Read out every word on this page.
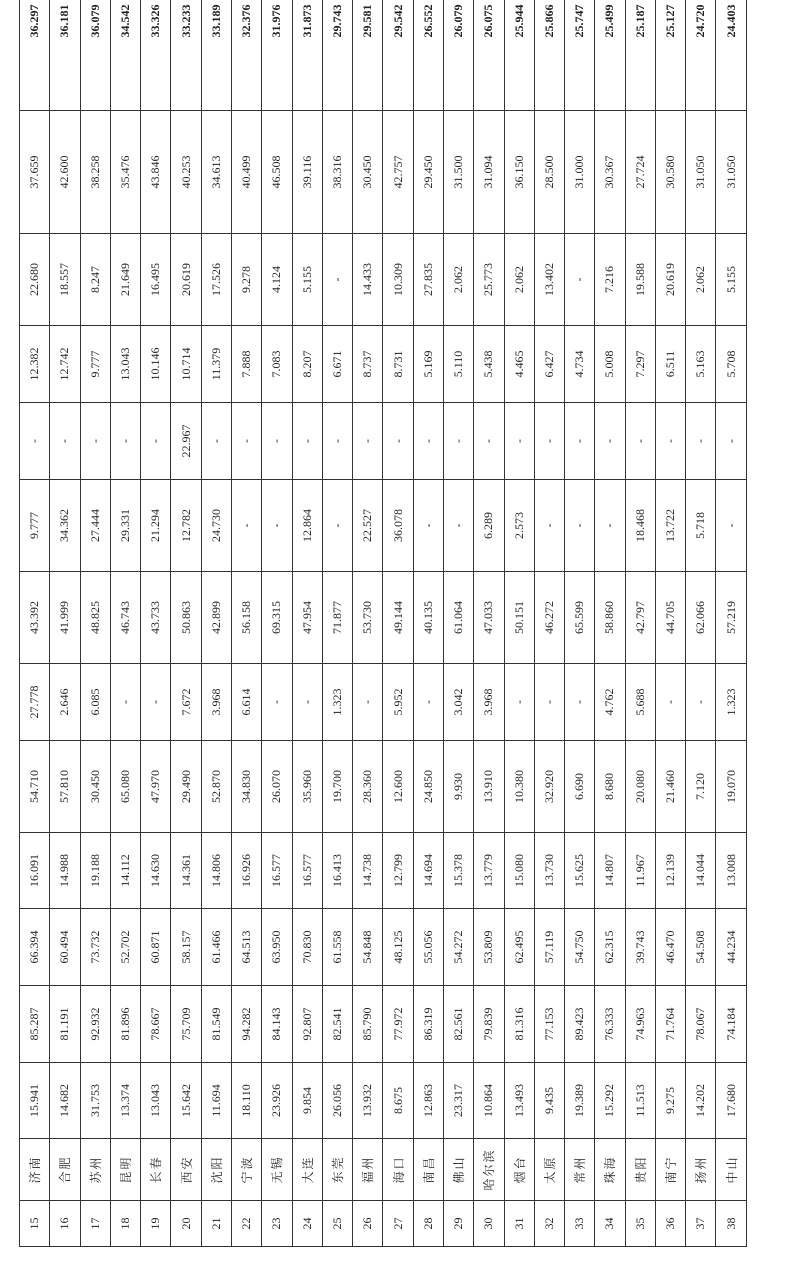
15	济南	15.941	85.287	66.394	16.091	54.710	27.778	43.392	9.777	-	12.382	22.680	37.659	36.297
16	合肥	14.682	81.191	60.494	14.988	57.810	2.646	41.999	34.362	-	12.742	18.557	42.600	36.181
17	苏州	31.753	92.932	73.732	19.188	30.450	6.085	48.825	27.444	-	9.777	8.247	38.258	36.079
18	昆明	13.374	81.896	52.702	14.112	65.080	-	46.743	29.331	-	13.043	21.649	35.476	34.542
19	长春	13.043	78.667	60.871	14.630	47.970	-	43.733	21.294	-	10.146	16.495	43.846	33.326
20	西安	15.642	75.709	58.157	14.361	29.490	7.672	50.863	12.782	22.967	10.714	20.619	40.253	33.233
21	沈阳	11.694	81.549	61.466	14.806	52.870	3.968	42.899	24.730	-	11.379	17.526	34.613	33.189
22	宁波	18.110	94.282	64.513	16.926	34.830	6.614	56.158	-	-	7.888	9.278	40.499	32.376
23	无锡	23.926	84.143	63.950	16.577	26.070	-	69.315	-	-	7.083	4.124	46.508	31.976
24	大连	9.854	92.807	70.830	16.577	35.960	-	47.954	12.864	-	8.207	5.155	39.116	31.873
25	东莞	26.056	82.541	61.558	16.413	19.700	1.323	71.877	-	-	6.671	-	38.316	29.743
26	福州	13.932	85.790	54.848	14.738	28.360	-	53.730	22.527	-	8.737	14.433	30.450	29.581
27	海口	8.675	77.972	48.125	12.799	12.600	5.952	49.144	36.078	-	8.731	10.309	42.757	29.542
28	南昌	12.863	86.319	55.056	14.694	24.850	-	40.135	-	-	5.169	27.835	29.450	26.552
29	佛山	23.317	82.561	54.272	15.378	9.930	3.042	61.064	-	-	5.110	2.062	31.500	26.079
30	哈尔滨	10.864	79.839	53.809	13.779	13.910	3.968	47.033	6.289	-	5.438	25.773	31.094	26.075
31	烟台	13.493	81.316	62.495	15.080	10.380	-	50.151	2.573	-	4.465	2.062	36.150	25.944
32	太原	9.435	77.153	57.119	13.730	32.920	-	46.272	-	-	6.427	13.402	28.500	25.866
33	常州	19.389	89.423	54.750	15.625	6.690	-	65.599	-	-	4.734	-	31.000	25.747
34	珠海	15.292	76.333	62.315	14.807	8.680	4.762	58.860	-	-	5.008	7.216	30.367	25.499
35	贵阳	11.513	74.963	39.743	11.967	20.080	5.688	42.797	18.468	-	7.297	19.588	27.724	25.187
36	南宁	9.275	71.764	46.470	12.139	21.460	-	44.705	13.722	-	6.511	20.619	30.580	25.127
37	扬州	14.202	78.067	54.508	14.044	7.120	-	62.066	5.718	-	5.163	2.062	31.050	24.720
38	中山	17.680	74.184	44.234	13.008	19.070	1.323	57.219	-	-	5.708	5.155	31.050	24.403
